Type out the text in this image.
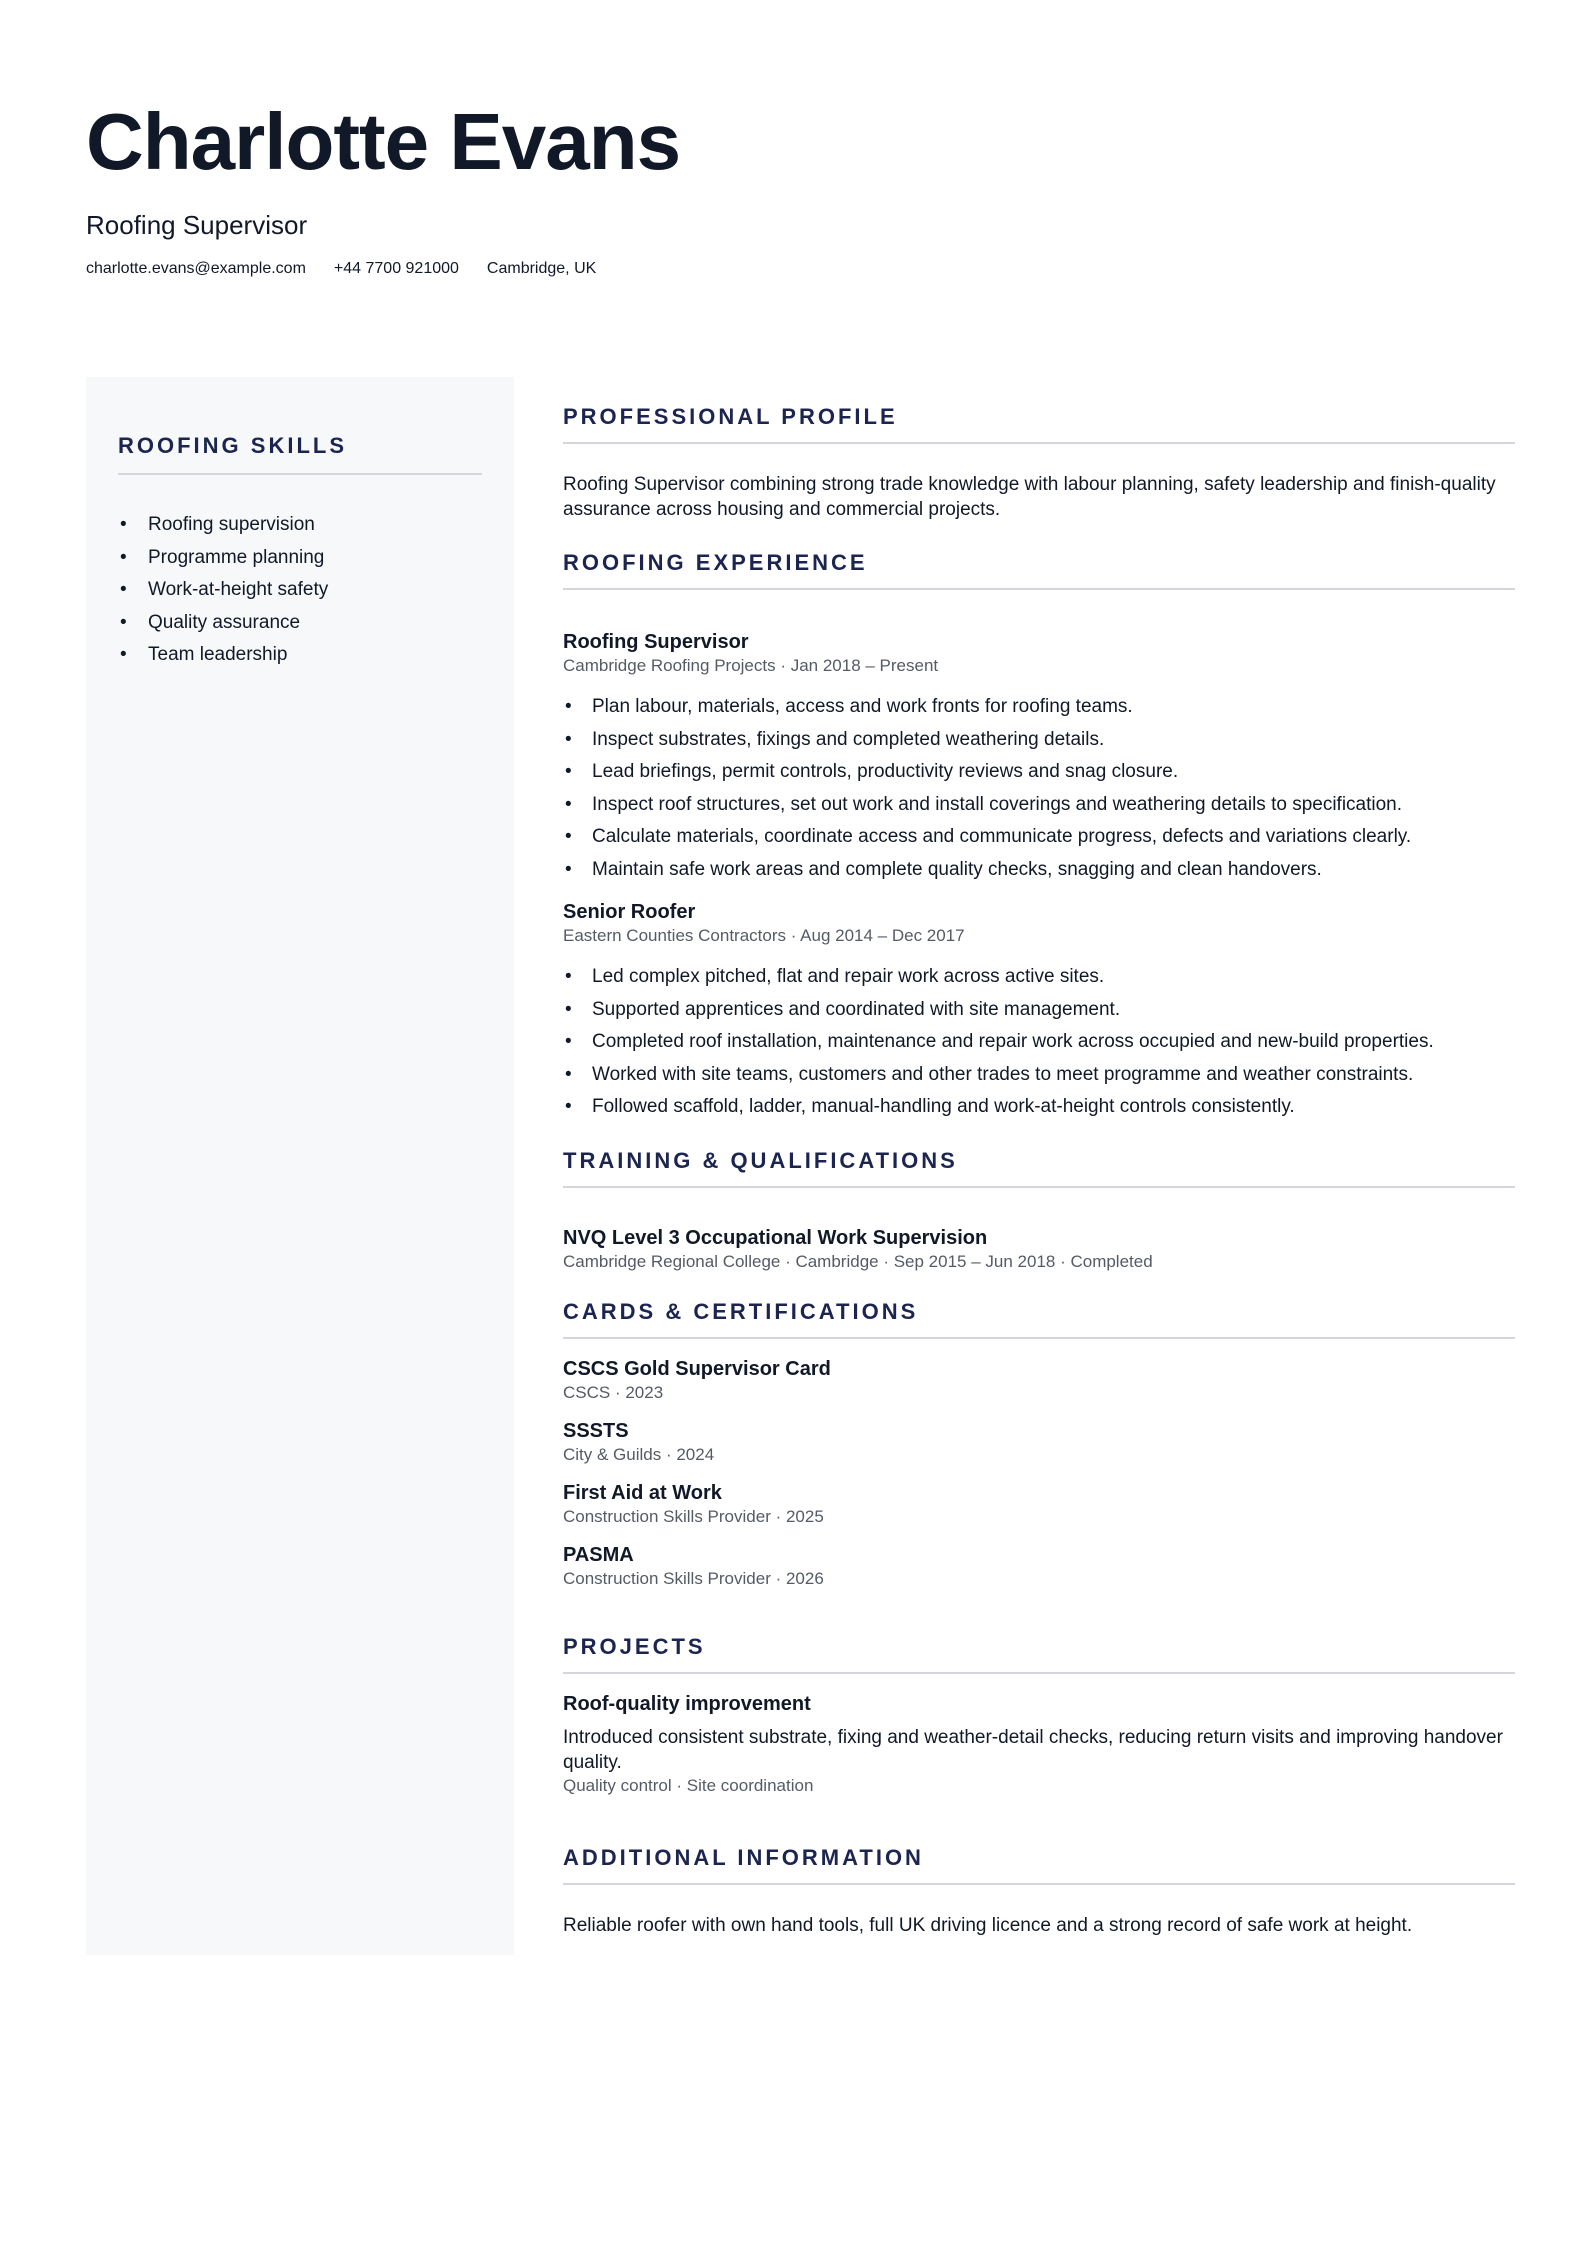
Charlotte Evans
Roofing Supervisor
charlotte.evans@example.com +44 7700 921000 Cambridge, UK
ROOFING SKILLS
• Roofing supervision
• Programme planning
• Work-at-height safety
• Quality assurance
• Team leadership
PROFESSIONAL PROFILE

Roofing Supervisor combining strong trade knowledge with labour planning, safety leadership and finish-quality assurance across housing and commercial projects.

ROOFING EXPERIENCE

Roofing Supervisor

Cambridge Roofing Projects · Jan 2018 – Present

• Plan labour, materials, access and work fronts for roofing teams.
• Inspect substrates, fixings and completed weathering details.
• Lead briefings, permit controls, productivity reviews and snag closure.
• Inspect roof structures, set out work and install coverings and weathering details to specification.
• Calculate materials, coordinate access and communicate progress, defects and variations clearly.
• Maintain safe work areas and complete quality checks, snagging and clean handovers.

Senior Roofer

Eastern Counties Contractors · Aug 2014 – Dec 2017

• Led complex pitched, flat and repair work across active sites.
• Supported apprentices and coordinated with site management.
• Completed roof installation, maintenance and repair work across occupied and new-build properties.
• Worked with site teams, customers and other trades to meet programme and weather constraints.
• Followed scaffold, ladder, manual-handling and work-at-height controls consistently.
TRAINING & QUALIFICATIONS

NVQ Level 3 Occupational Work Supervision

Cambridge Regional College · Cambridge · Sep 2015 – Jun 2018 · Completed

CARDS & CERTIFICATIONS

CSCS Gold Supervisor Card

CSCS · 2023

SSSTS

City & Guilds · 2024

First Aid at Work

Construction Skills Provider · 2025

PASMA

Construction Skills Provider · 2026

PROJECTS

Roof-quality improvement

Introduced consistent substrate, fixing and weather-detail checks, reducing return visits and improving handover quality.

Quality control · Site coordination

ADDITIONAL INFORMATION

Reliable roofer with own hand tools, full UK driving licence and a strong record of safe work at height.
